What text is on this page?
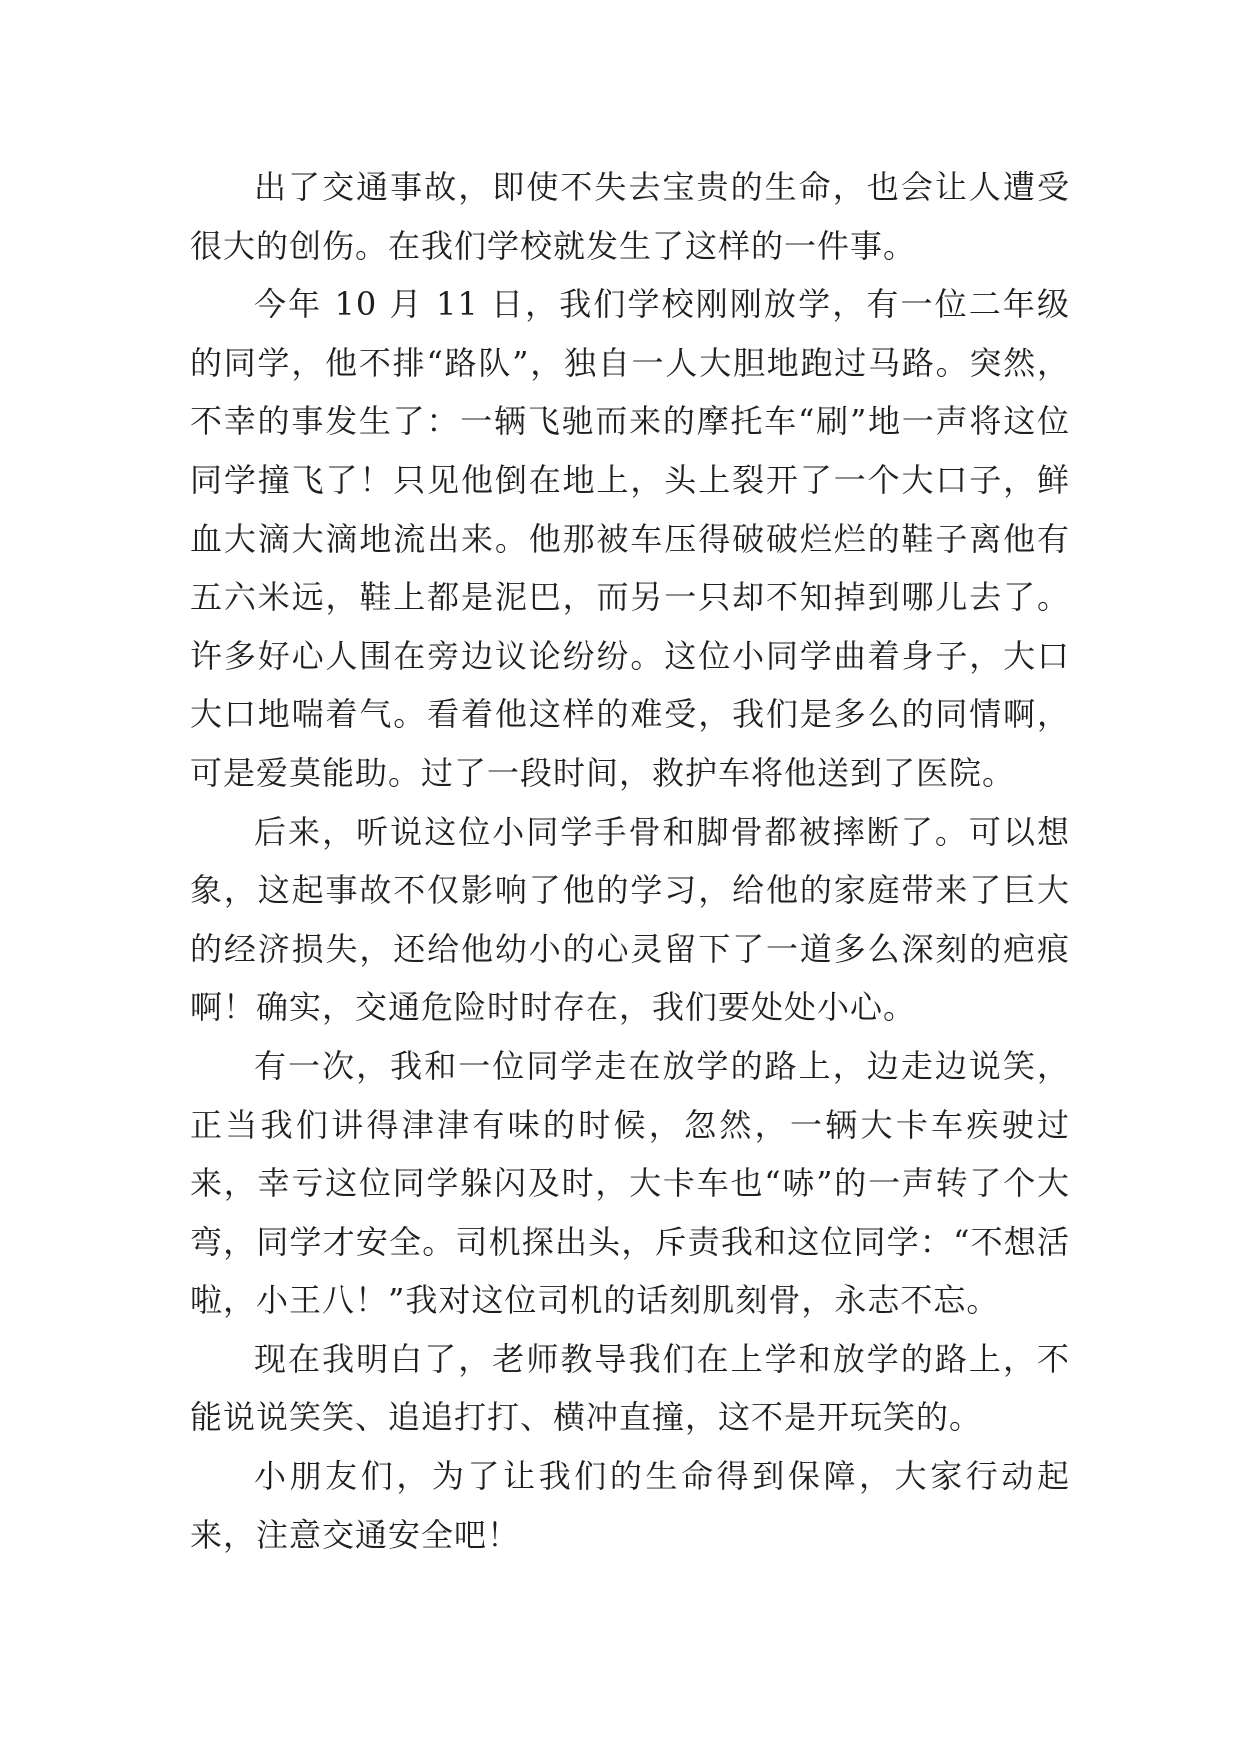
出了交通事故，即使不失去宝贵的生命，也会让人遭受很大的创伤。在我们学校就发生了这样的一件事。

今年 10 月 11 日，我们学校刚刚放学，有一位二年级的同学，他不排“路队”，独自一人大胆地跑过马路。突然，不幸的事发生了：一辆飞驰而来的摩托车“刷”地一声将这位同学撞飞了！只见他倒在地上，头上裂开了一个大口子，鲜血大滴大滴地流出来。他那被车压得破破烂烂的鞋子离他有五六米远，鞋上都是泥巴，而另一只却不知掉到哪儿去了。许多好心人围在旁边议论纷纷。这位小同学曲着身子，大口大口地喘着气。看着他这样的难受，我们是多么的同情啊，可是爱莫能助。过了一段时间，救护车将他送到了医院。

后来，听说这位小同学手骨和脚骨都被摔断了。可以想象，这起事故不仅影响了他的学习，给他的家庭带来了巨大的经济损失，还给他幼小的心灵留下了一道多么深刻的疤痕啊！确实，交通危险时时存在，我们要处处小心。

有一次，我和一位同学走在放学的路上，边走边说笑，正当我们讲得津津有味的时候，忽然，一辆大卡车疾驶过来，幸亏这位同学躲闪及时，大卡车也“哧”的一声转了个大弯，同学才安全。司机探出头，斥责我和这位同学：“不想活啦，小王八！”我对这位司机的话刻肌刻骨，永志不忘。

现在我明白了，老师教导我们在上学和放学的路上，不能说说笑笑、追追打打、横冲直撞，这不是开玩笑的。

小朋友们，为了让我们的生命得到保障，大家行动起来，注意交通安全吧！
